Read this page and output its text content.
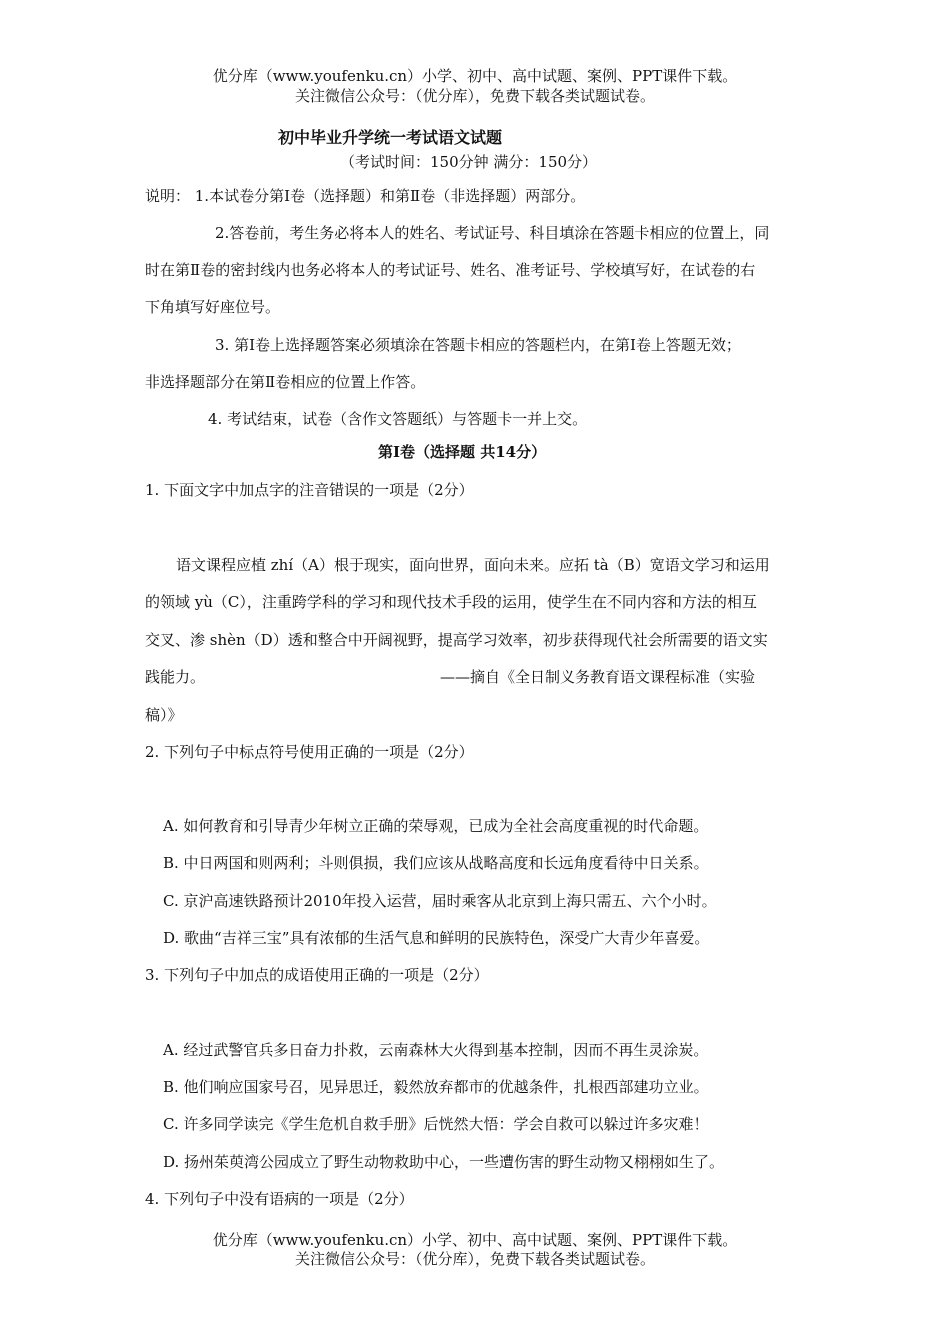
优分库（www.youfenku.cn）小学、初中、高中试题、案例、PPT课件下载。
关注微信公众号：（优分库），免费下载各类试题试卷。
初中毕业升学统一考试语文试题
（考试时间：150分钟 满分：150分）
说明： 1.本试卷分第Ⅰ卷（选择题）和第Ⅱ卷（非选择题）两部分。
2.答卷前，考生务必将本人的姓名、考试证号、科目填涂在答题卡相应的位置上，同
时在第Ⅱ卷的密封线内也务必将本人的考试证号、姓名、准考证号、学校填写好，在试卷的右
下角填写好座位号。
3. 第Ⅰ卷上选择题答案必须填涂在答题卡相应的答题栏内，在第Ⅰ卷上答题无效；
非选择题部分在第Ⅱ卷相应的位置上作答。
4. 考试结束，试卷（含作文答题纸）与答题卡一并上交。
第Ⅰ卷（选择题 共14分）
1. 下面文字中加点字的注音错误的一项是（2分）
语文课程应植 zhí（A）根于现实，面向世界，面向未来。应拓 tà（B）宽语文学习和运用
的领域 yù（C），注重跨学科的学习和现代技术手段的运用，使学生在不同内容和方法的相互
交叉、渗 shèn（D）透和整合中开阔视野，提高学习效率，初步获得现代社会所需要的语文实
践能力。	——摘自《全日制义务教育语文课程标准（实验
稿）》
2. 下列句子中标点符号使用正确的一项是（2分）
A. 如何教育和引导青少年树立正确的荣辱观，已成为全社会高度重视的时代命题。
B. 中日两国和则两利；斗则俱损，我们应该从战略高度和长远角度看待中日关系。
C. 京沪高速铁路预计2010年投入运营，届时乘客从北京到上海只需五、六个小时。
D. 歌曲“吉祥三宝”具有浓郁的生活气息和鲜明的民族特色，深受广大青少年喜爱。
3. 下列句子中加点的成语使用正确的一项是（2分）
A. 经过武警官兵多日奋力扑救，云南森林大火得到基本控制，因而不再生灵涂炭。
B. 他们响应国家号召，见异思迁，毅然放弃都市的优越条件，扎根西部建功立业。
C. 许多同学读完《学生危机自救手册》后恍然大悟：学会自救可以躲过许多灾难！
D. 扬州茱萸湾公园成立了野生动物救助中心，一些遭伤害的野生动物又栩栩如生了。
4. 下列句子中没有语病的一项是（2分）
优分库（www.youfenku.cn）小学、初中、高中试题、案例、PPT课件下载。
关注微信公众号：（优分库），免费下载各类试题试卷。
